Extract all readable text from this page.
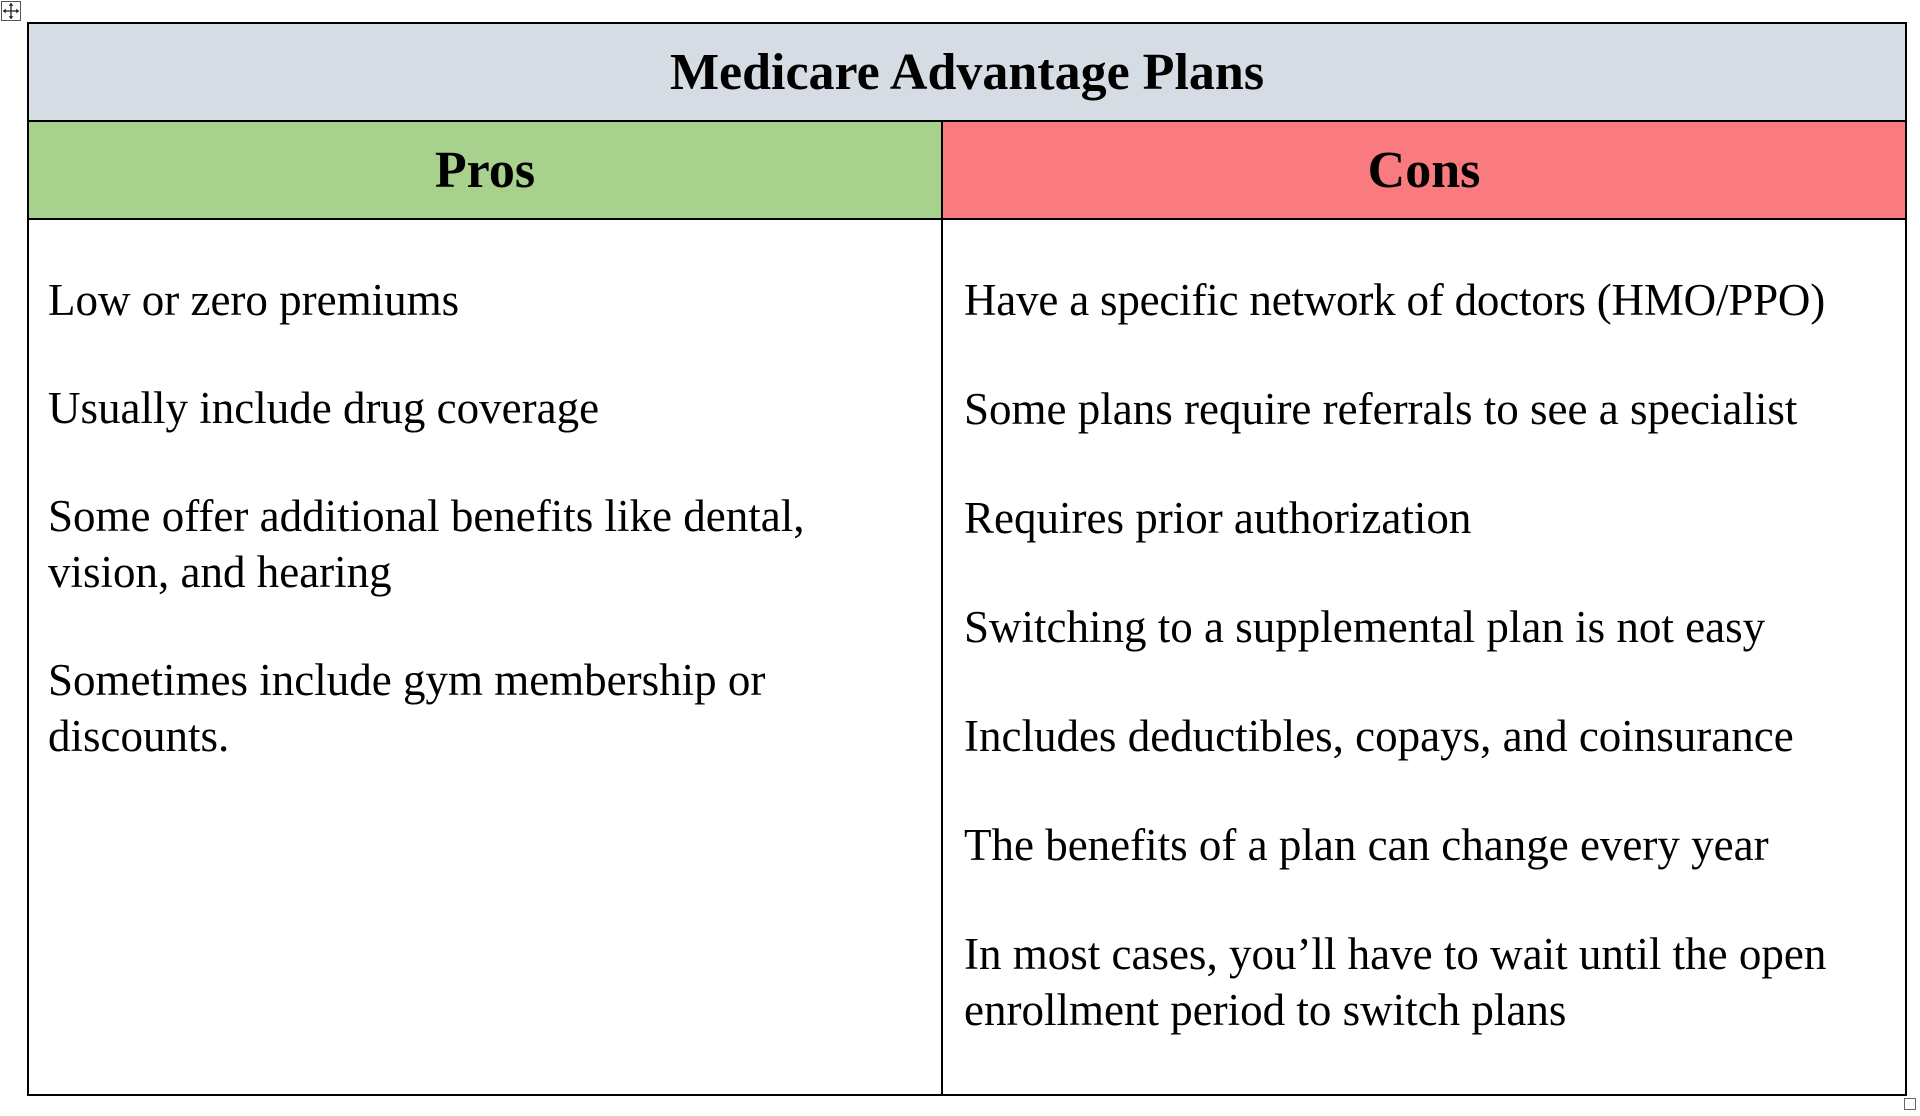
Medicare Advantage Plans
Pros	Cons
Low or zero premiums
Usually include drug coverage
Some offer additional benefits like dental, vision, and hearing
Sometimes include gym membership or discounts.
Have a specific network of doctors (HMO/PPO)
Some plans require referrals to see a specialist
Requires prior authorization
Switching to a supplemental plan is not easy
Includes deductibles, copays, and coinsurance
The benefits of a plan can change every year
In most cases, you’ll have to wait until the open enrollment period to switch plans
